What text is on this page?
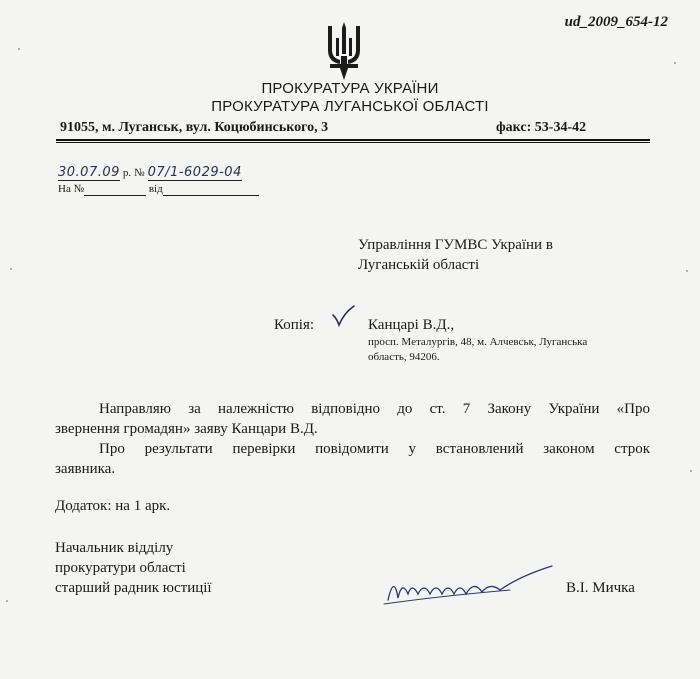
ud_2009_654-12
ПРОКУРАТУРА УКРАЇНИ
ПРОКУРАТУРА ЛУГАНСЬКОЇ ОБЛАСТІ
91055, м. Луганськ, вул. Коцюбинського, 3	факс: 53-34-42
30.07.09 р. № 07/1-6029-04
На №	від
Управління ГУМВС України в
Луганській області
Копія:	Канцарі В.Д.,
просп. Металургів, 48, м. Алчевськ, Луганська
область, 94206.
Направляю за належністю відповідно до ст. 7 Закону України «Про
звернення громадян» заяву Канцари В.Д.
Про результати перевірки повідомити у встановлений законом строк
заявника.
Додаток: на 1 арк.
Начальник відділу
прокуратури області
старший радник юстиції	В.І. Мичка
